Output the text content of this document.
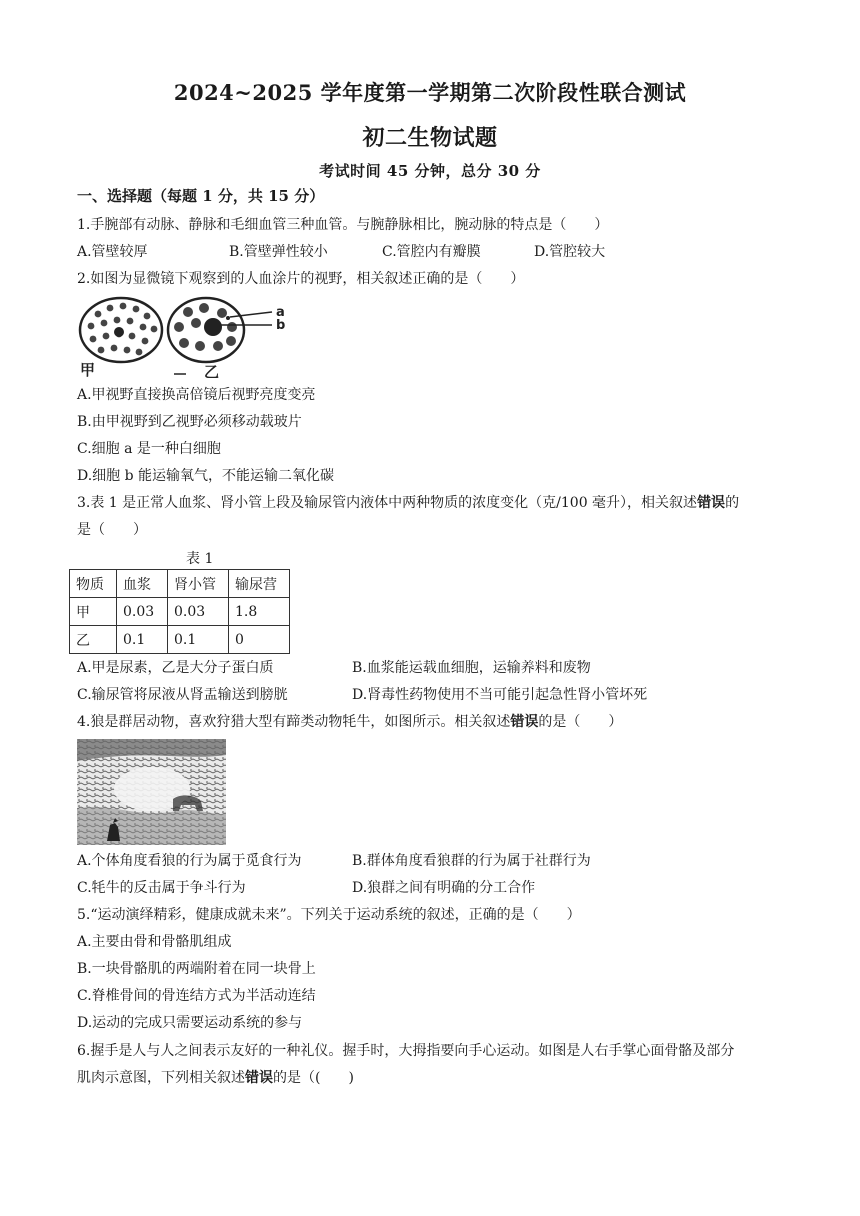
2024~2025 学年度第一学期第二次阶段性联合测试
初二生物试题
考试时间 45 分钟，总分 30 分
一、选择题（每题 1 分，共 15 分）
1.手腕部有动脉、静脉和毛细血管三种血管。与腕静脉相比，腕动脉的特点是（　　）
A.管壁较厚	B.管壁弹性较小	C.管腔内有瓣膜	D.管腔较大
2.如图为显微镜下观察到的人血涂片的视野，相关叙述正确的是（　　）
a
b
甲	乙
A.甲视野直接换高倍镜后视野亮度变亮
B.由甲视野到乙视野必须移动载玻片
C.细胞 a 是一种白细胞
D.细胞 b 能运输氧气，不能运输二氧化碳
3.表 1 是正常人血浆、肾小管上段及输尿管内液体中两种物质的浓度变化（克/100 毫升），相关叙述错误的
是（　　）
表 1
物质	血浆	肾小管	输尿营
甲	0.03	0.03	1.8
乙	0.1	0.1	0
A.甲是尿素，乙是大分子蛋白质	B.血浆能运载血细胞，运输养料和废物
C.输尿管将尿液从肾盂输送到膀胱	D.肾毒性药物使用不当可能引起急性肾小管坏死
4.狼是群居动物，喜欢狩猎大型有蹄类动物牦牛，如图所示。相关叙述错误的是（　　）
A.个体角度看狼的行为属于觅食行为	B.群体角度看狼群的行为属于社群行为
C.牦牛的反击属于争斗行为	D.狼群之间有明确的分工合作
5.“运动演绎精彩，健康成就未来”。下列关于运动系统的叙述，正确的是（　　）
A.主要由骨和骨骼肌组成
B.一块骨骼肌的两端附着在同一块骨上
C.脊椎骨间的骨连结方式为半活动连结
D.运动的完成只需要运动系统的参与
6.握手是人与人之间表示友好的一种礼仪。握手时，大拇指要向手心运动。如图是人右手掌心面骨骼及部分
肌肉示意图，下列相关叙述错误的是（(　　)
